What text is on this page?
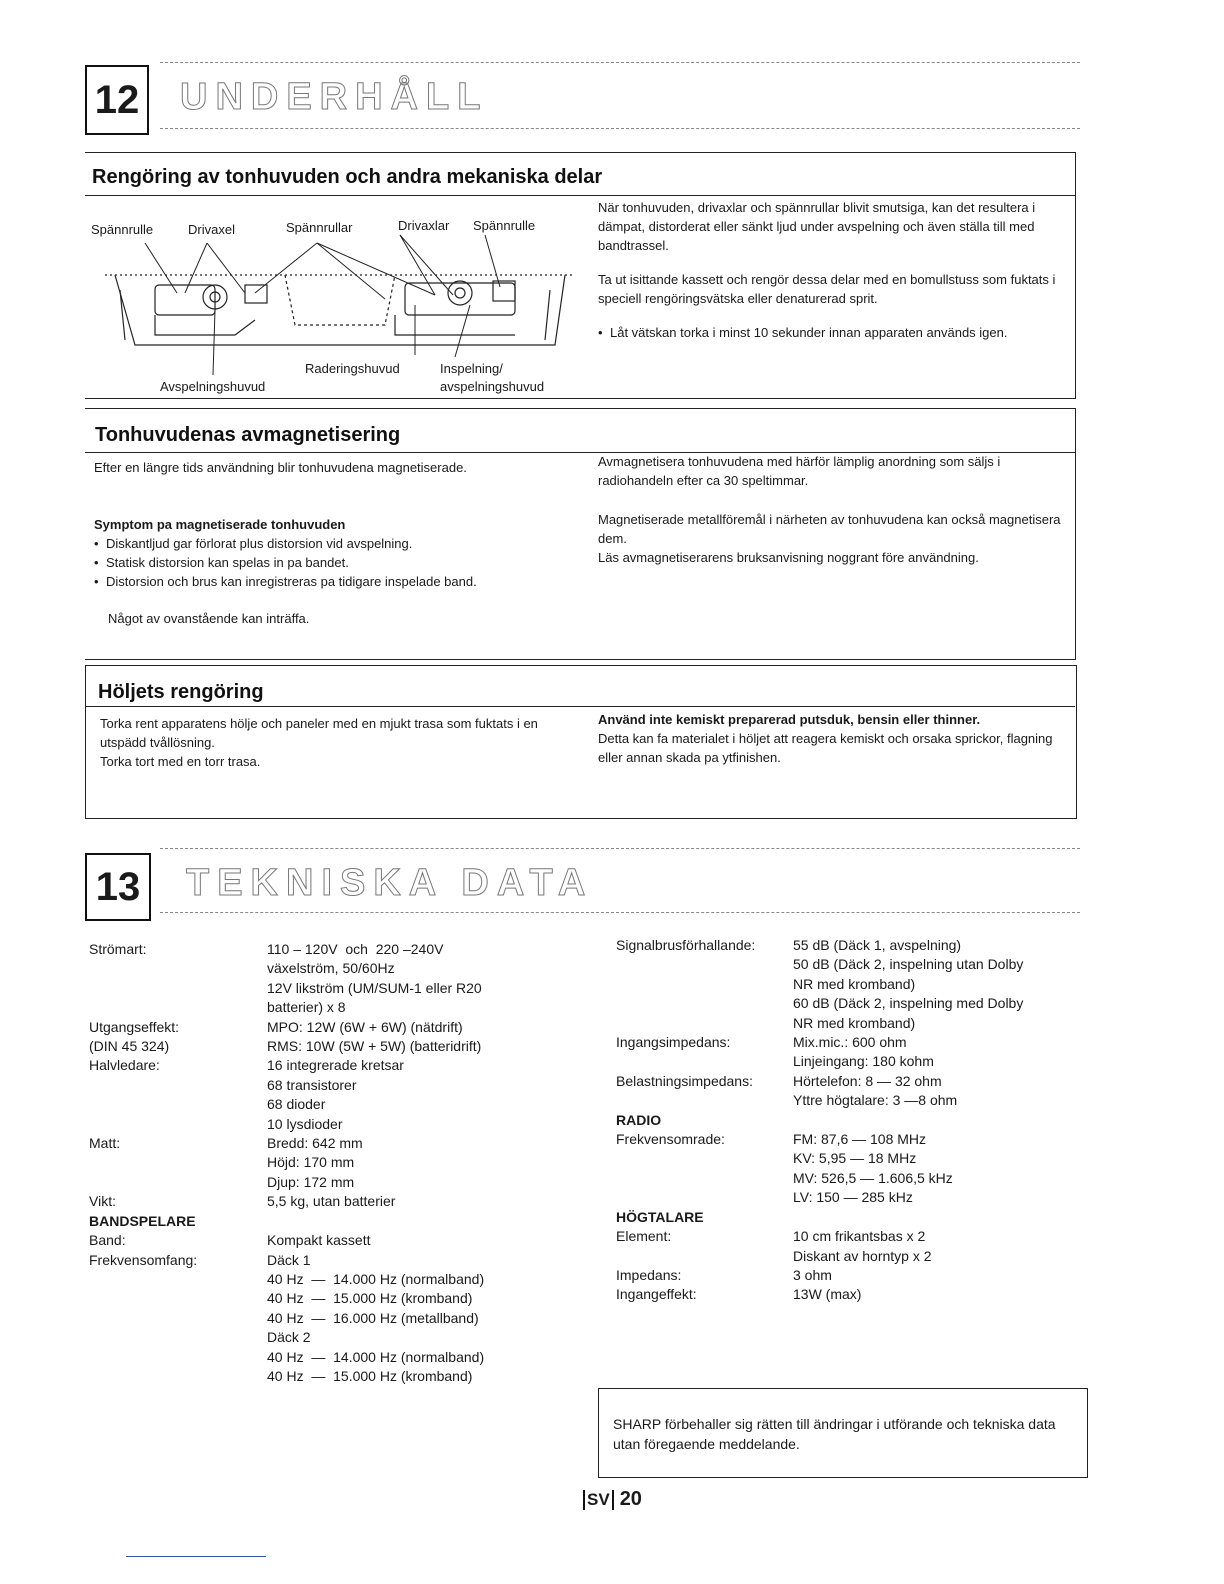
12 UNDERHÅLL
Rengöring av tonhuvuden och andra mekaniska delar
Spännrulle	Drivaxel	Spännrullar	Drivaxlar Spännrulle
Raderingshuvud	Inspelning/
avspelningshuvud
Avspelningshuvud

När tonhuvuden, drivaxlar och spännrullar blivit smutsiga, kan det resultera i dämpat, distorderat eller sänkt ljud under avspelning och även ställa till med bandtrassel.

Ta ut isittande kassett och rengör dessa delar med en bomullstuss som fuktats i speciell rengöringsvätska eller denaturerad sprit.

• Låt vätskan torka i minst 10 sekunder innan apparaten används igen.

Tonhuvudenas avmagnetisering

Efter en längre tids användning blir tonhuvudena magnetiserade.

Symptom pa magnetiserade tonhuvuden

• Diskantljud gar förlorat plus distorsion vid avspelning.

• Statisk distorsion kan spelas in pa bandet.

• Distorsion och brus kan inregistreras pa tidigare inspelade band.

Något av ovanstående kan inträffa.

Avmagnetisera tonhuvudena med härför lämplig anordning som säljs i radiohandeln efter ca 30 speltimmar.

Magnetiserade metallföremål i närheten av tonhuvudena kan också magnetisera dem.

Läs avmagnetiserarens bruksanvisning noggrant före användning.

Höljets rengöring

Torka rent apparatens hölje och paneler med en mjukt trasa som fuktats i en utspädd tvållösning.

Torka tort med en torr trasa.

Använd inte kemiskt preparerad putsduk, bensin eller thinner.

Detta kan fa materialet i höljet att reagera kemiskt och orsaka sprickor, flagning eller annan skada pa ytfinishen.

13 TEKNISKA DATA
Strömart:	110 – 120V  och  220 –240V
växelström, 50/60Hz
12V likström (UM/SUM-1 eller R20
batterier) x 8
Utgangseffekt:	MPO: 12W (6W + 6W) (nätdrift)
(DIN 45 324)	RMS: 10W (5W + 5W) (batteridrift)
Halvledare:	16 integrerade kretsar
68 transistorer
68 dioder
10 lysdioder
Matt:	Bredd: 642 mm
Höjd: 170 mm
Djup: 172 mm
Vikt:	5,5 kg, utan batterier
BANDSPELARE
Band:	Kompakt kassett
Frekvensomfang:	Däck 1
40 Hz  —  14.000 Hz (normalband)
40 Hz  —  15.000 Hz (kromband)
40 Hz  —  16.000 Hz (metallband)
Däck 2
40 Hz  —  14.000 Hz (normalband)
40 Hz  —  15.000 Hz (kromband)
Signalbrusförhallande:	55 dB (Däck 1, avspelning)
50 dB (Däck 2, inspelning utan Dolby
NR med kromband)
60 dB (Däck 2, inspelning med Dolby
NR med kromband)
Ingangsimpedans:	Mix.mic.: 600 ohm
Linjeingang: 180 kohm
Belastningsimpedans:	Hörtelefon: 8 — 32 ohm
Yttre högtalare: 3 —8 ohm
RADIO
Frekvensomrade:	FM: 87,6 — 108 MHz
KV: 5,95 — 18 MHz
MV: 526,5 — 1.606,5 kHz
LV: 150 — 285 kHz
HÖGTALARE
Element:	10 cm frikantsbas x 2
Diskant av horntyp x 2
Impedans:	3 ohm
Ingangeffekt:	13W (max)
SHARP förbehaller sig rätten till ändringar i utförande och tekniska data utan föregaende meddelande.
SV 20
